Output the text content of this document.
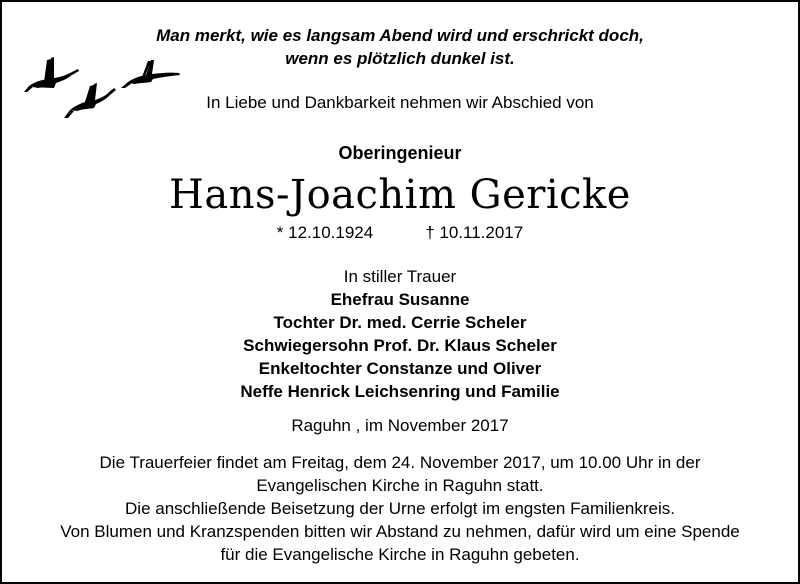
Man merkt, wie es langsam Abend wird und erschrickt doch,
wenn es plötzlich dunkel ist.
In Liebe und Dankbarkeit nehmen wir Abschied von
Oberingenieur
Hans-Joachim Gericke
* 12.10.1924	† 10.11.2017
In stiller Trauer
Ehefrau Susanne
Tochter Dr. med. Cerrie Scheler
Schwiegersohn Prof. Dr. Klaus Scheler
Enkeltochter Constanze und Oliver
Neffe Henrick Leichsenring und Familie
Raguhn , im November 2017
Die Trauerfeier findet am Freitag, dem 24. November 2017, um 10.00 Uhr in der
Evangelischen Kirche in Raguhn statt.
Die anschließende Beisetzung der Urne erfolgt im engsten Familienkreis.
Von Blumen und Kranzspenden bitten wir Abstand zu nehmen, dafür wird um eine Spende
für die Evangelische Kirche in Raguhn gebeten.
